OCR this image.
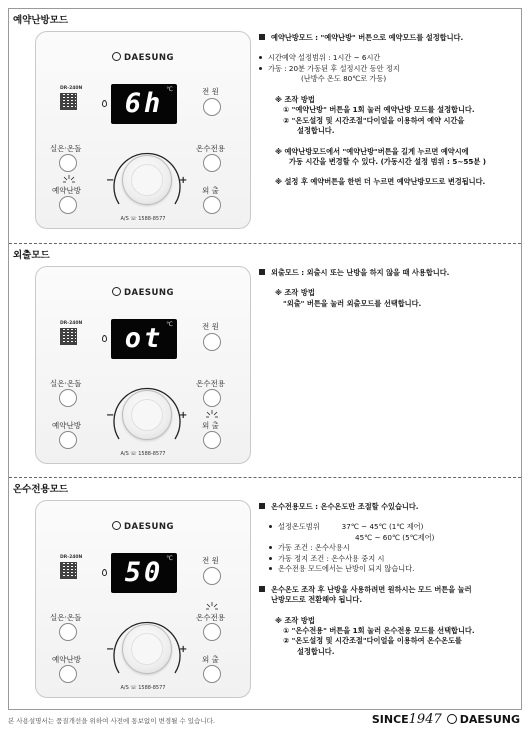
예약난방모드
DAESUNG
DR-240N	6h ℃	전 원
실온·온돌	온수전용
예약난방	외 출
−	+
A/S ☏ 1588-8577

예약난방모드 : "예약난방" 버튼으로 예약모드를 설정합니다.

시간예약 설정범위 : 1시간 ~ 6시간

가동 : 20분 가동된 후 설정시간 동안 정지

(난방수 온도 80℃로 가동)

※ 조작 방법

① "예약난방" 버튼을 1회 눌러 예약난방 모드를 설정합니다.

② "온도설정 및 시간조절"다이얼을 이용하여 예약 시간을

설정합니다.

※ 예약난방모드에서 "예약난방"버튼을 길게 누르면 예약시에

가동 시간을 변경할 수 있다. (가동시간 설정 범위 : 5~55분 )

※ 설정 후 예약버튼을 한번 더 누르면 예약난방모드로 변경됩니다.

외출모드
DAESUNG
DR-240N	ot ℃	전 원
실온·온돌	온수전용
예약난방	외 출
−	+
A/S ☏ 1588-8577

외출모드 : 외출시 또는 난방을 하지 않을 때 사용합니다.

※ 조작 방법

"외출" 버튼을 눌러 외출모드를 선택합니다.

온수전용모드
DAESUNG
DR-240N	50 ℃	전 원
실온·온돌	온수전용
예약난방	외 출
−	+
A/S ☏ 1588-8577

온수전용모드 : 온수온도만 조절할 수있습니다.

설정온도범위	37℃ ~ 45℃ (1℃ 제어)

45℃ ~ 60℃ (5℃제어)

가동 조건 : 온수사용시

가동 정지 조건 : 온수사용 중지 시

온수전용 모드에서는 난방이 되지 않습니다.

온수온도 조작 후 난방을 사용하려면 원하시는 모드 버튼을 눌러

난방모드로 전환해야 됩니다.

※ 조작 방법

① "온수전용" 버튼을 1회 눌러 온수전용 모드를 선택합니다.

② "온도설정 및 시간조절"다이얼을 이용하여 온수온도를

설정합니다.

본 사용설명서는 품질개선을 위하여 사전에 통보없이 변경될 수 있습니다.	SINCE1947 DAESUNG
